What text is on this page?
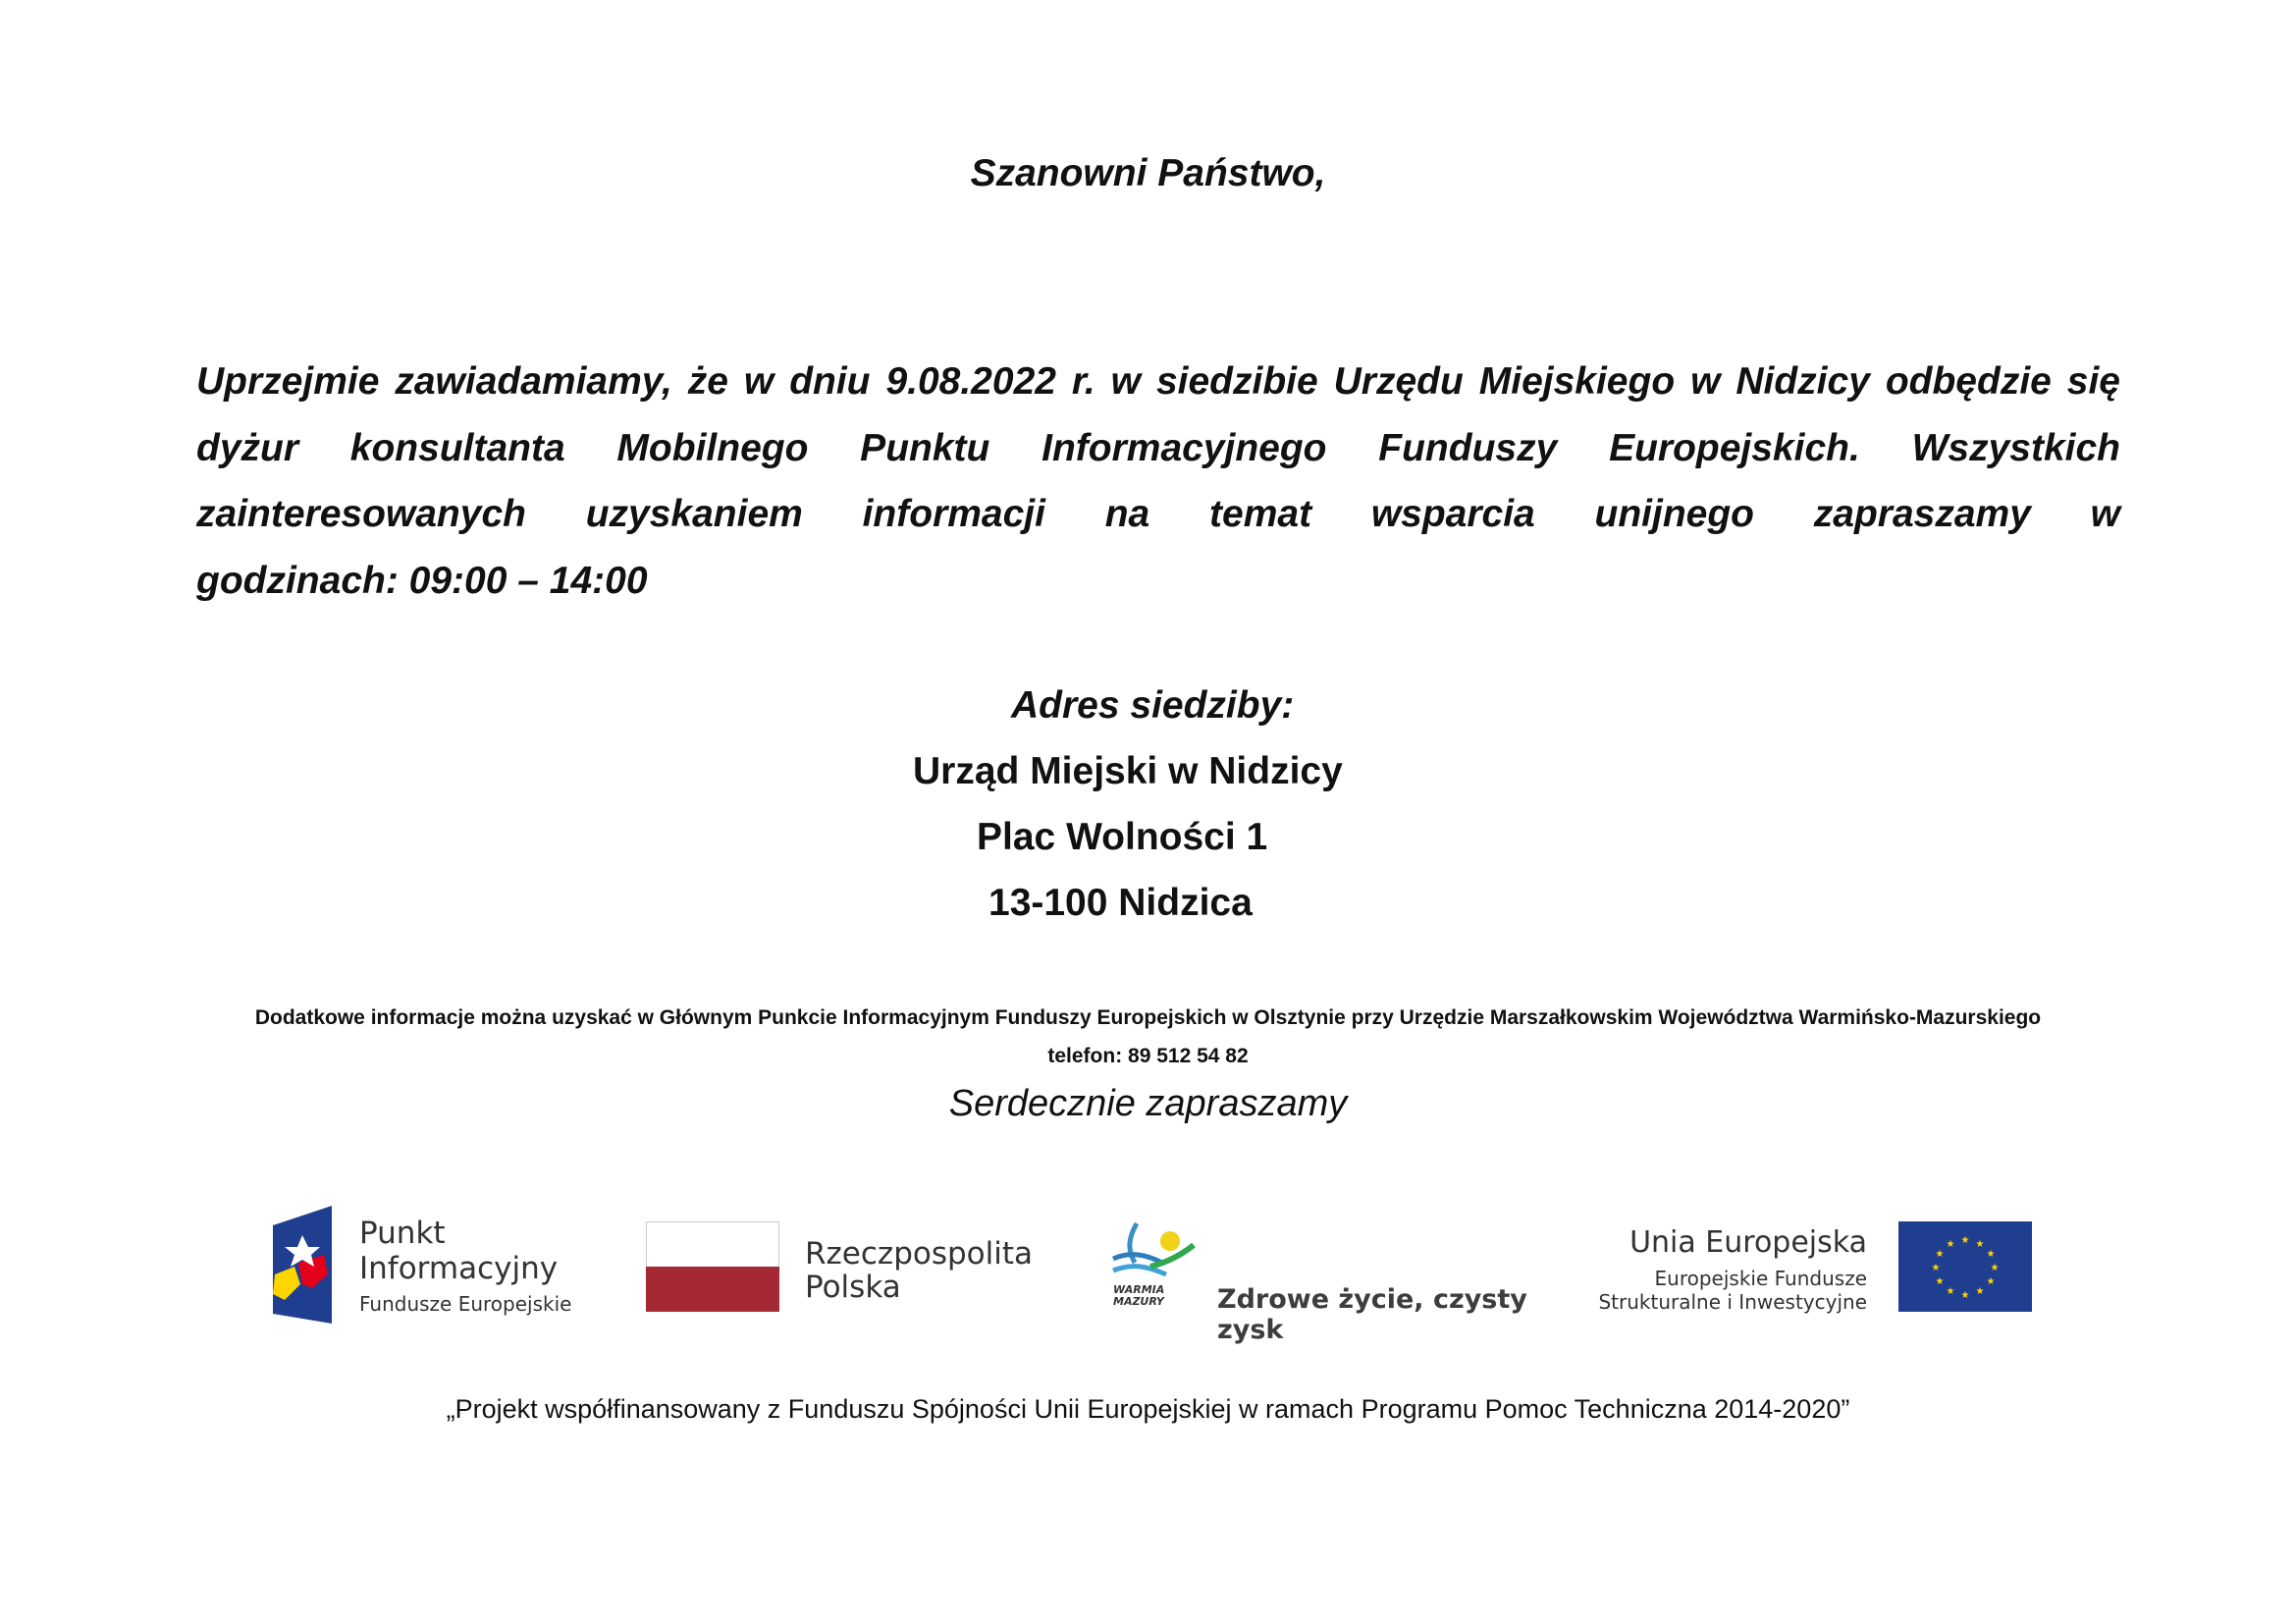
Szanowni Państwo,
Uprzejmie zawiadamiamy, że w dniu 9.08.2022 r. w siedzibie Urzędu Miejskiego w Nidzicy odbędzie się
dyżur konsultanta Mobilnego Punktu Informacyjnego Funduszy Europejskich. Wszystkich
zainteresowanych uzyskaniem informacji na temat wsparcia unijnego zapraszamy w
godzinach: 09:00 – 14:00
Adres siedziby:
Urząd Miejski w Nidzicy
Plac Wolności 1
13-100 Nidzica
Dodatkowe informacje można uzyskać w Głównym Punkcie Informacyjnym Funduszy Europejskich w Olsztynie przy Urzędzie Marszałkowskim Województwa Warmińsko-Mazurskiego
telefon: 89 512 54 82
Serdecznie zapraszamy
Punkt
Informacyjny
Fundusze Europejskie
Rzeczpospolita
Polska	WARMIA MAZURY	Zdrowe życie, czysty zysk
Unia Europejska
Europejskie Fundusze
Strukturalne i Inwestycyjne
★ ★
★
★
★
★
★
★
★
★
★
★
„Projekt współfinansowany z Funduszu Spójności Unii Europejskiej w ramach Programu Pomoc Techniczna 2014-2020”
